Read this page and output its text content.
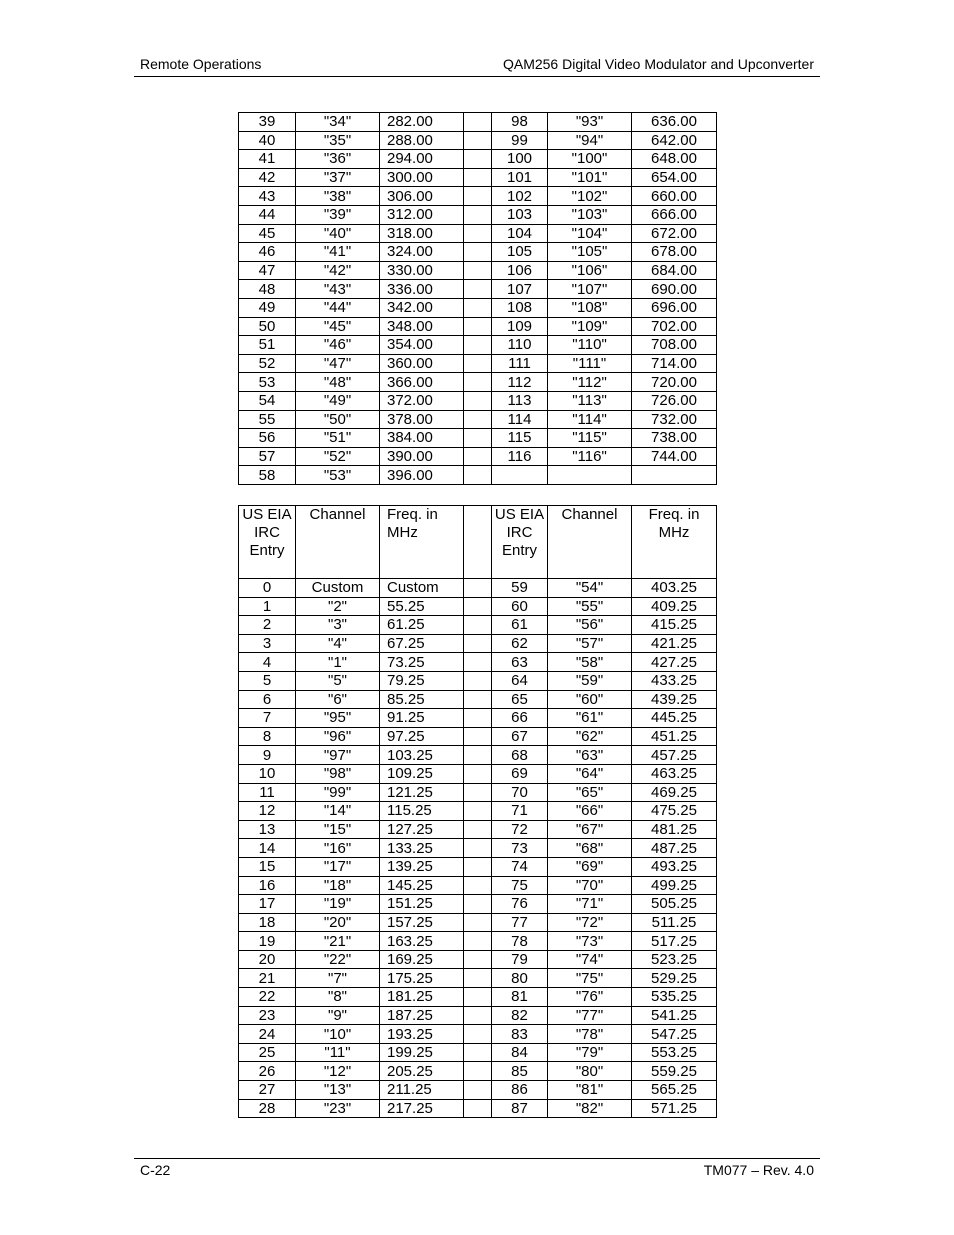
Remote Operations	QAM256 Digital Video Modulator and Upconverter
39	"34"	282.00		98	"93"	636.00
40	"35"	288.00		99	"94"	642.00
41	"36"	294.00		100	"100"	648.00
42	"37"	300.00		101	"101"	654.00
43	"38"	306.00		102	"102"	660.00
44	"39"	312.00		103	"103"	666.00
45	"40"	318.00		104	"104"	672.00
46	"41"	324.00		105	"105"	678.00
47	"42"	330.00		106	"106"	684.00
48	"43"	336.00		107	"107"	690.00
49	"44"	342.00		108	"108"	696.00
50	"45"	348.00		109	"109"	702.00
51	"46"	354.00		110	"110"	708.00
52	"47"	360.00		111	"111"	714.00
53	"48"	366.00		112	"112"	720.00
54	"49"	372.00		113	"113"	726.00
55	"50"	378.00		114	"114"	732.00
56	"51"	384.00		115	"115"	738.00
57	"52"	390.00		116	"116"	744.00
58	"53"	396.00				
US EIA IRC Entry	Channel	Freq. in MHz		US EIA IRC Entry	Channel	Freq. in MHz
0	Custom	Custom		59	"54"	403.25
1	"2"	55.25		60	"55"	409.25
2	"3"	61.25		61	"56"	415.25
3	"4"	67.25		62	"57"	421.25
4	"1"	73.25		63	"58"	427.25
5	"5"	79.25		64	"59"	433.25
6	"6"	85.25		65	"60"	439.25
7	"95"	91.25		66	"61"	445.25
8	"96"	97.25		67	"62"	451.25
9	"97"	103.25		68	"63"	457.25
10	"98"	109.25		69	"64"	463.25
11	"99"	121.25		70	"65"	469.25
12	"14"	115.25		71	"66"	475.25
13	"15"	127.25		72	"67"	481.25
14	"16"	133.25		73	"68"	487.25
15	"17"	139.25		74	"69"	493.25
16	"18"	145.25		75	"70"	499.25
17	"19"	151.25		76	"71"	505.25
18	"20"	157.25		77	"72"	511.25
19	"21"	163.25		78	"73"	517.25
20	"22"	169.25		79	"74"	523.25
21	"7"	175.25		80	"75"	529.25
22	"8"	181.25		81	"76"	535.25
23	"9"	187.25		82	"77"	541.25
24	"10"	193.25		83	"78"	547.25
25	"11"	199.25		84	"79"	553.25
26	"12"	205.25		85	"80"	559.25
27	"13"	211.25		86	"81"	565.25
28	"23"	217.25		87	"82"	571.25
C-22	TM077 – Rev. 4.0
